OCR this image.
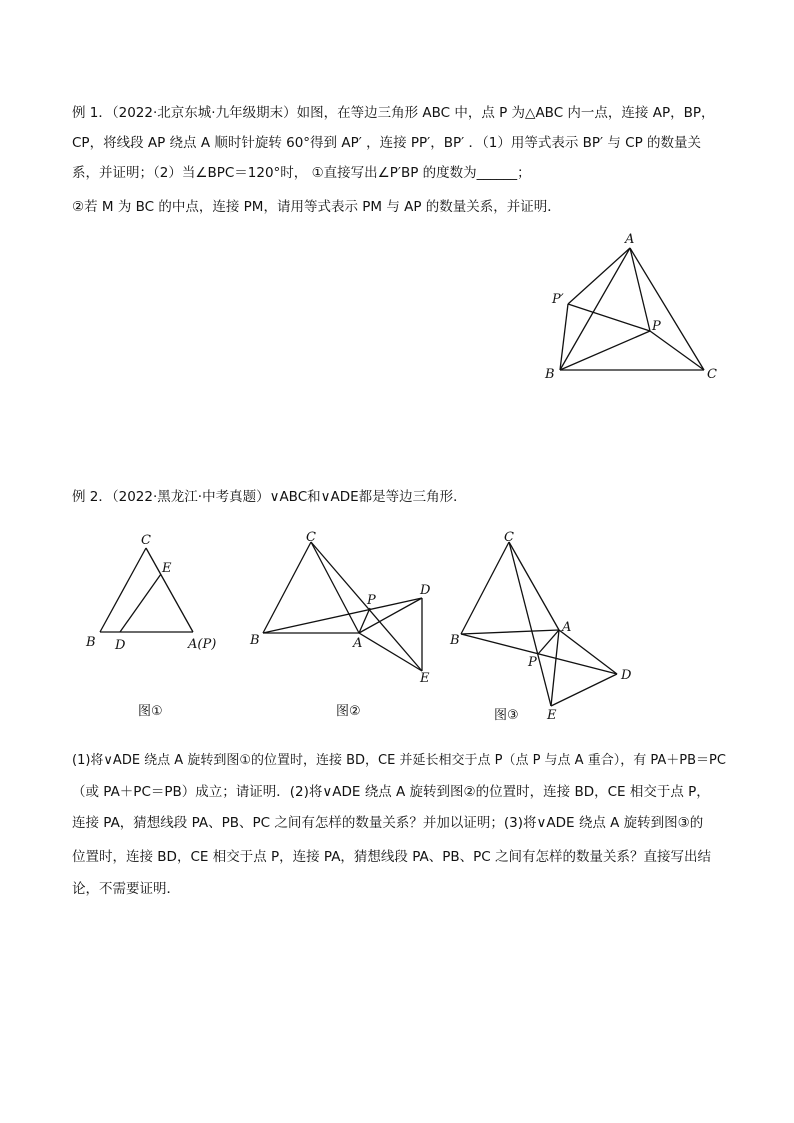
例 1．（2022·北京东城·九年级期末）如图，在等边三角形 ABC 中，点 P 为△ABC 内一点，连接 AP，BP，
CP，将线段 AP 绕点 A 顺时针旋转 60°得到 AP′ ，连接 PP′，BP′ ．（1）用等式表示 BP′ 与 CP 的数量关
系，并证明；（2）当∠BPC＝120°时， ①直接写出∠P′BP 的度数为______；
②若 M 为 BC 的中点，连接 PM，请用等式表示 PM 与 AP 的数量关系，并证明．
A
B	C
P
P′
例 2．（2022·黑龙江·中考真题）∨ABC和∨ADE都是等边三角形．
C
E
B D	A(P)
图①
C
P
D
B	A
E
图②
C
A
B
P
D
E
图③
(1)将∨ADE 绕点 A 旋转到图①的位置时，连接 BD，CE 并延长相交于点 P（点 P 与点 A 重合），有 PA＋PB＝PC
（或 PA＋PC＝PB）成立；请证明．(2)将∨ADE 绕点 A 旋转到图②的位置时，连接 BD，CE 相交于点 P，
连接 PA，猜想线段 PA、PB、PC 之间有怎样的数量关系？并加以证明；(3)将∨ADE 绕点 A 旋转到图③的
位置时，连接 BD，CE 相交于点 P，连接 PA，猜想线段 PA、PB、PC 之间有怎样的数量关系？直接写出结
论，不需要证明．
